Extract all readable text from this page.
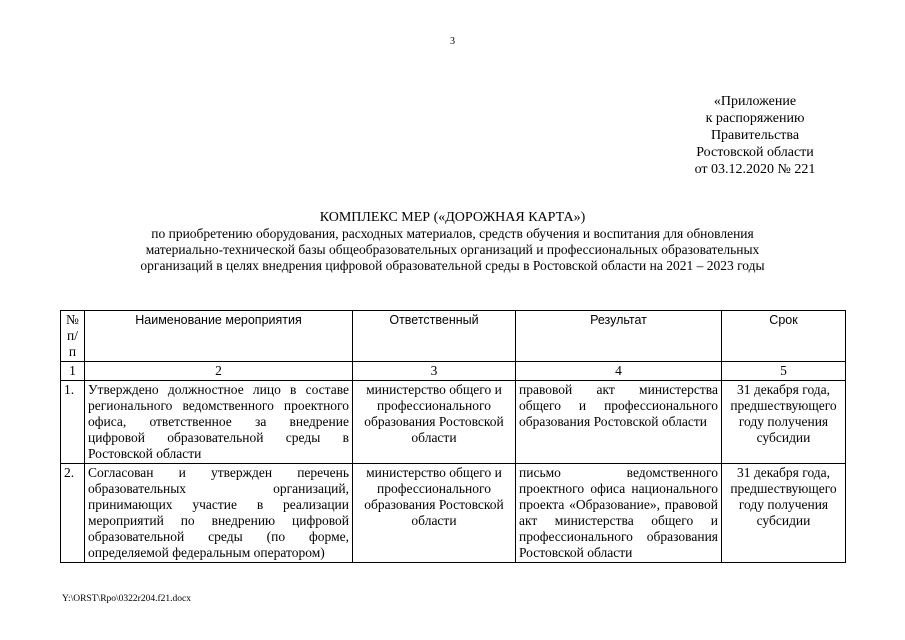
3
«Приложение
к распоряжению
Правительства
Ростовской области
от 03.12.2020 № 221
КОМПЛЕКС МЕР («ДОРОЖНАЯ КАРТА»)
по приобретению оборудования, расходных материалов, средств обучения и воспитания для обновления
материально-технической базы общеобразовательных организаций и профессиональных образовательных
организаций в целях внедрения цифровой образовательной среды в Ростовской области на 2021 – 2023 годы
№ п/п	Наименование мероприятия	Ответственный	Результат	Срок
1	2	3	4	5
1.	Утверждено должностное лицо в составе регионального ведомственного проектного офиса, ответственное за внедрение цифровой образовательной среды в Ростовской области	министерство общего и профессионального образования Ростовской области	правовой акт министерства общего и профессионального образования Ростовской области	31 декабря года, предшествующего году получения субсидии
2.	Согласован и утвержден перечень образовательных организаций, принимающих участие в реализации мероприятий по внедрению цифровой образовательной среды (по форме, определяемой федеральным оператором)	министерство общего и профессионального образования Ростовской области	письмо ведомственного проектного офиса национального проекта «Образование», правовой акт министерства общего и профессионального образования Ростовской области	31 декабря года, предшествующего году получения субсидии
Y:\ORST\Rpo\0322r204.f21.docx
